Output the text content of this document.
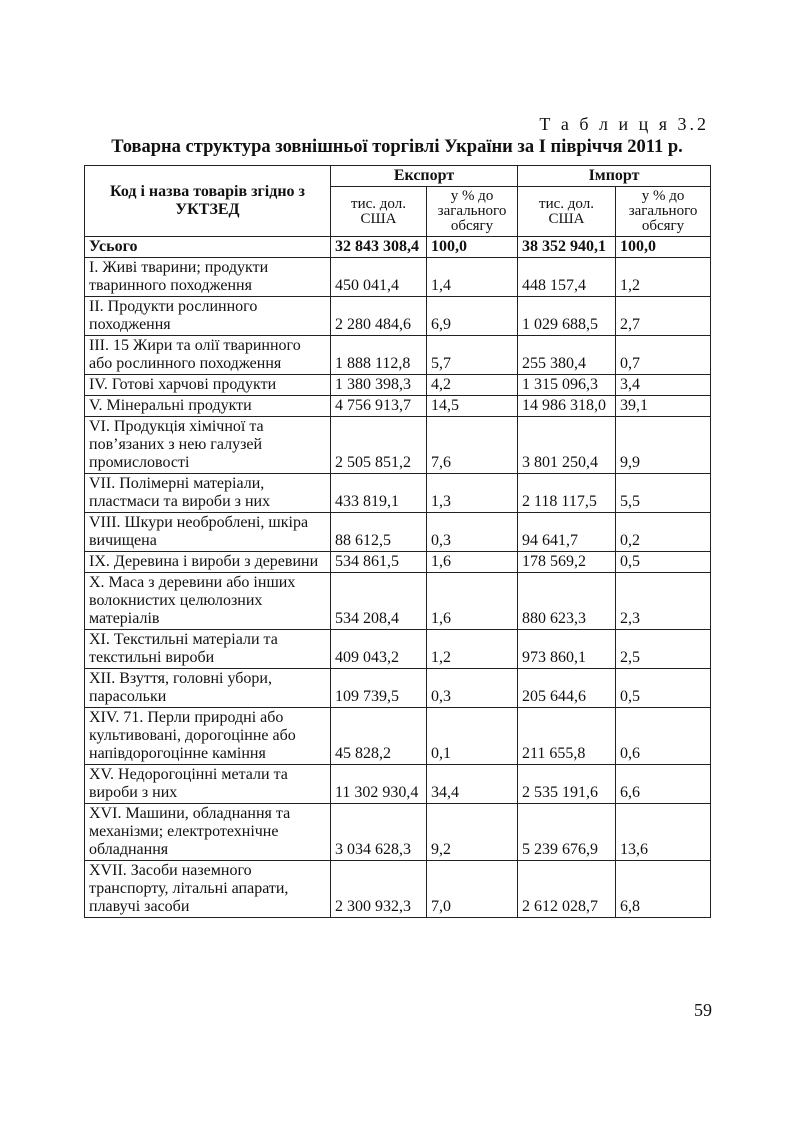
Т а б л и ц я 3.2
Товарна структура зовнішньої торгівлі України за І півріччя 2011 р.
Код і назва товарів згідно з УКТЗЕД	Експорт		Імпорт	
	тис. дол. США	у % до загального обсягу	тис. дол. США	у % до загального обсягу
Усього	32 843 308,4	100,0	38 352 940,1	100,0
І. Живі тварини; продукти тваринного походження	450 041,4	1,4	448 157,4	1,2
ІІ. Продукти рослинного походження	2 280 484,6	6,9	1 029 688,5	2,7
ІІІ. 15 Жири та олії тваринного або рослинного походження	1 888 112,8	5,7	255 380,4	0,7
IV. Готові харчові продукти	1 380 398,3	4,2	1 315 096,3	3,4
V. Мінеральні продукти	4 756 913,7	14,5	14 986 318,0	39,1
VI. Продукція хімічної та пов’язаних з нею галузей промисловості	2 505 851,2	7,6	3 801 250,4	9,9
VII. Полімерні матеріали, пластмаси та вироби з них	433 819,1	1,3	2 118 117,5	5,5
VIII. Шкури необроблені, шкіра вичищена	88 612,5	0,3	94 641,7	0,2
IX. Деревина і вироби з деревини	534 861,5	1,6	178 569,2	0,5
X. Маса з деревини або інших волокнистих целюлозних матеріалів	534 208,4	1,6	880 623,3	2,3
XI. Текстильні матеріали та текстильні вироби	409 043,2	1,2	973 860,1	2,5
XII. Взуття, головні убори, парасольки	109 739,5	0,3	205 644,6	0,5
XIV. 71. Перли природні або культивовані, дорогоцінне або напівдорогоцінне каміння	45 828,2	0,1	211 655,8	0,6
XV. Недорогоцінні метали та вироби з них	11 302 930,4	34,4	2 535 191,6	6,6
XVI. Машини, обладнання та механізми; електротехнічне обладнання	3 034 628,3	9,2	5 239 676,9	13,6
XVII. Засоби наземного транспорту, літальні апарати, плавучі засоби	2 300 932,3	7,0	2 612 028,7	6,8
59
